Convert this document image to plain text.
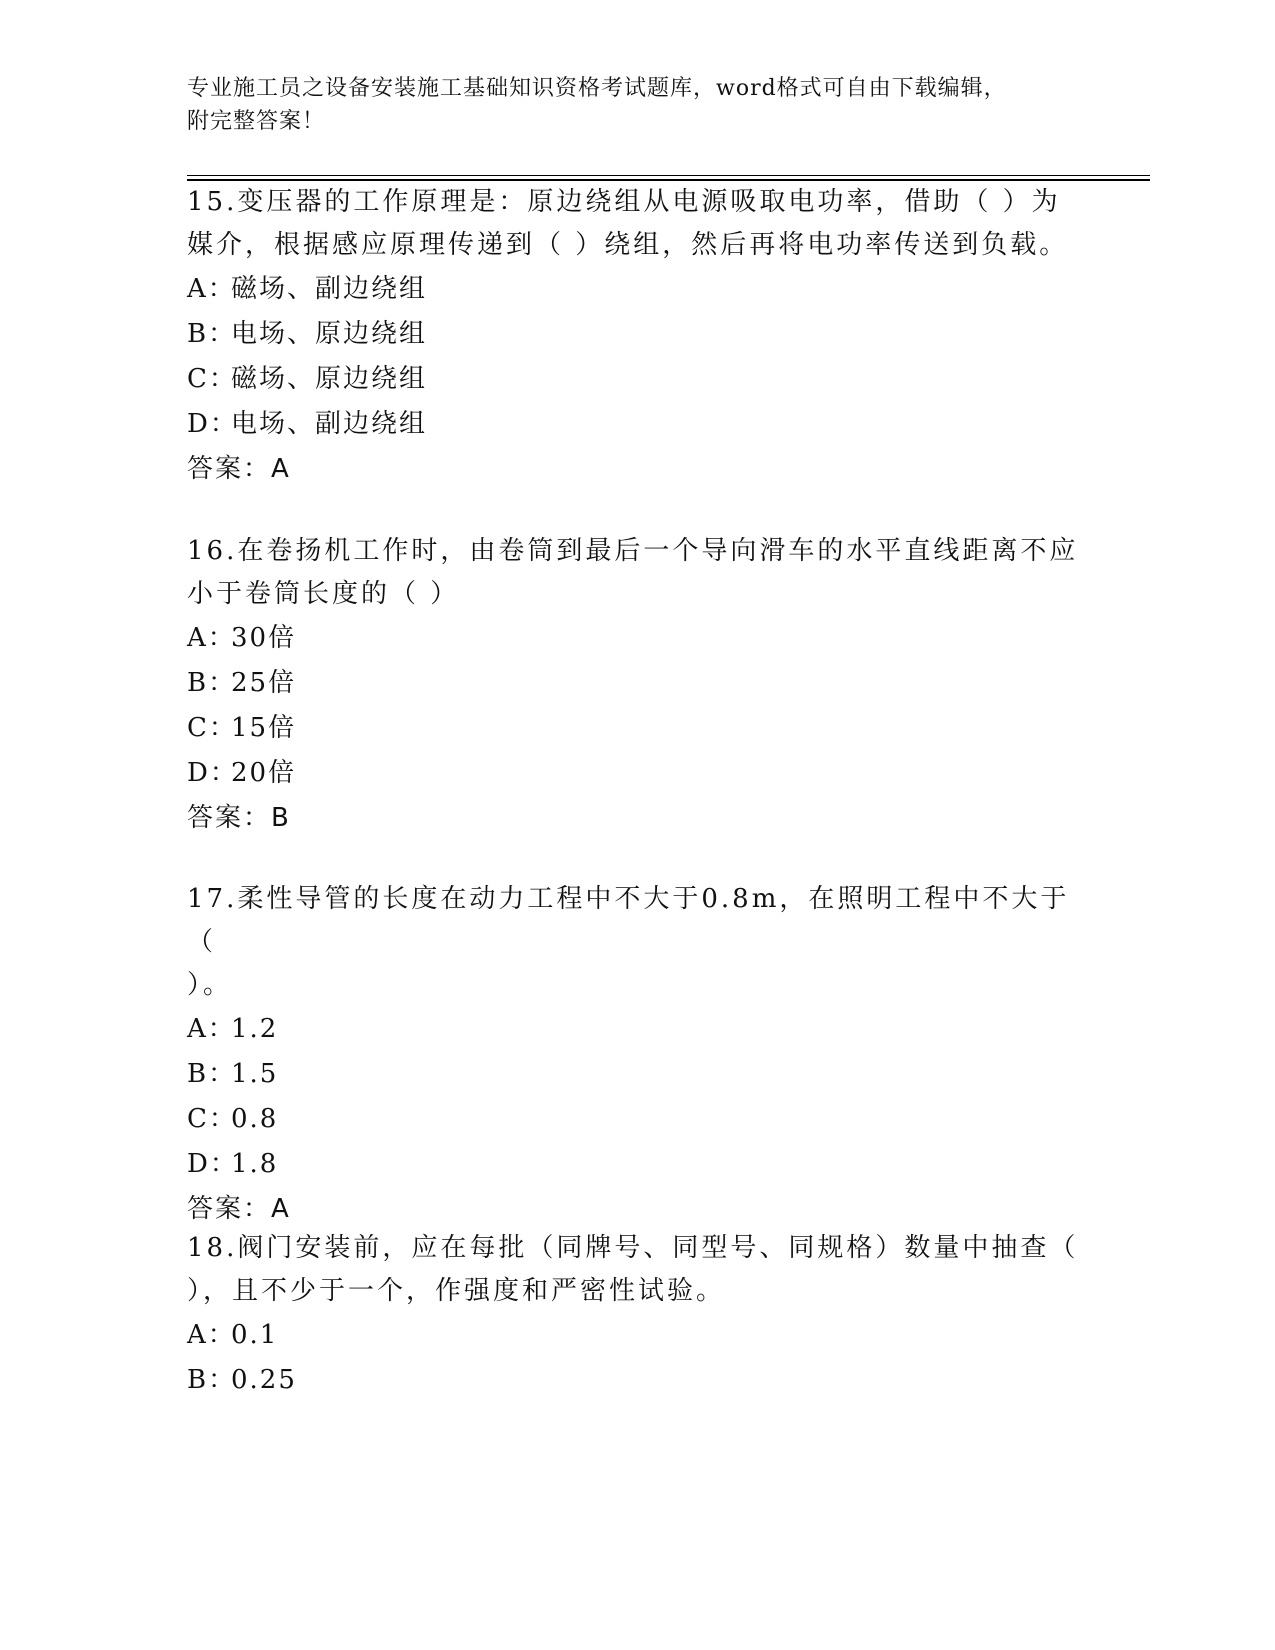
专业施工员之设备安装施工基础知识资格考试题库，word格式可自由下载编辑，
附完整答案！
15.变压器的工作原理是：原边绕组从电源吸取电功率，借助（ ）为
媒介，根据感应原理传递到（ ）绕组，然后再将电功率传送到负载。
A：磁场、副边绕组
B：电场、原边绕组
C：磁场、原边绕组
D：电场、副边绕组
答案：A
16.在卷扬机工作时，由卷筒到最后一个导向滑车的水平直线距离不应
小于卷筒长度的（ ）
A：30倍
B：25倍
C：15倍
D：20倍
答案：B
17.柔性导管的长度在动力工程中不大于0.8m，在照明工程中不大于（
）。
A：1.2
B：1.5
C：0.8
D：1.8
答案：A
18.阀门安装前，应在每批（同牌号、同型号、同规格）数量中抽查（
），且不少于一个，作强度和严密性试验。
A：0.1
B：0.25
